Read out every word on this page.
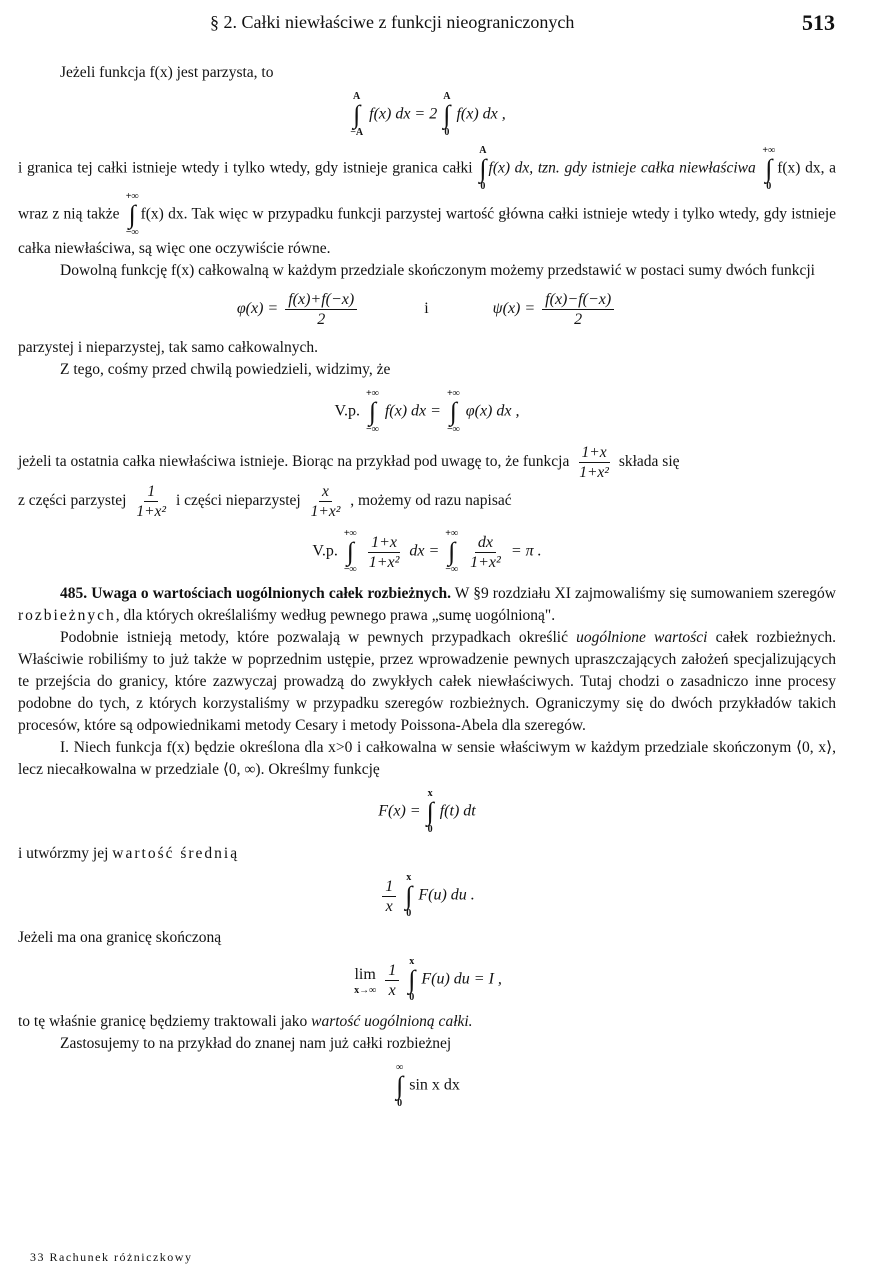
§ 2. Całki niewłaściwe z funkcji nieograniczonych	513

Jeżeli funkcja f(x) jest parzysta, to

A
∫
−A
f(x) dx = 2
A
∫
0
f(x) dx ,

i granica tej całki istnieje wtedy i tylko wtedy, gdy istnieje granica całki
A
∫
0
f(x) dx, tzn. gdy istnieje całka niewłaściwa
+∞
∫
0
f(x) dx, a wraz z nią także
+∞
∫
−∞
f(x) dx. Tak więc w przypadku funkcji parzystej wartość główna całki istnieje wtedy i tylko wtedy, gdy istnieje całka niewłaściwa, są więc one oczywiście równe.

Dowolną funkcję f(x) całkowalną w każdym przedziale skończonym możemy przedstawić w postaci sumy dwóch funkcji

$\varphi(x) = \frac{f(x)+f(-x)}{2}$	i	$\psi(x) = \frac{f(x)-f(-x)}{2}$

parzystej i nieparzystej, tak samo całkowalnych.

Z tego, cośmy przed chwilą powiedzieli, widzimy, że

V.p.
+∞
∫
−∞
f(x) dx =
+∞
∫
−∞
φ(x) dx ,

jeżeli ta ostatnia całka niewłaściwa istnieje. Biorąc na przykład pod uwagę to, że funkcja $\frac{1+x}{\text{1+x²}}$ składa się

z części parzystej $\frac{1}{\text{1+x²}}$ i części nieparzystej $\frac{x}{\text{1+x²}}$ , możemy od razu napisać

V.p.
+∞
∫
−∞
$\frac{1+x}{\text{1+x²}}$ dx =
+∞
∫
−∞
$\frac{dx}{\text{1+x²}} = \pi$ .

485. Uwaga o wartościach uogólnionych całek rozbieżnych. W §9 rozdziału XI zajmowaliśmy się sumowaniem szeregów rozbieżnych, dla których określaliśmy według pewnego prawa „sumę uogólnioną".

Podobnie istnieją metody, które pozwalają w pewnych przypadkach określić uogólnione wartości całek rozbieżnych. Właściwie robiliśmy to już także w poprzednim ustępie, przez wprowadzenie pewnych upraszczających założeń specjalizujących te przejścia do granicy, które zazwyczaj prowadzą do zwykłych całek niewłaściwych. Tutaj chodzi o zasadniczo inne procesy podobne do tych, z których korzystaliśmy w przypadku szeregów rozbieżnych. Ograniczymy się do dwóch przykładów takich procesów, które są odpowiednikami metody Cesary i metody Poissona-Abela dla szeregów.

I. Niech funkcja f(x) będzie określona dla x>0 i całkowalna w sensie właściwym w każdym przedziale skończonym ⟨0, x⟩, lecz niecałkowalna w przedziale ⟨0, ∞). Określmy funkcję

F(x) =
x
∫
0
f(t) dt

i utwórzmy jej wartość średnią

$\frac{1}{x}$
x
∫
0
F(u) du .

Jeżeli ma ona granicę skończoną

lim
x→∞
$\frac{1}{x}$
x
∫
0
F(u) du = I ,

to tę właśnie granicę będziemy traktowali jako wartość uogólnioną całki.

Zastosujemy to na przykład do znanej nam już całki rozbieżnej

∞
∫
0
sin x dx
33 Rachunek różniczkowy
